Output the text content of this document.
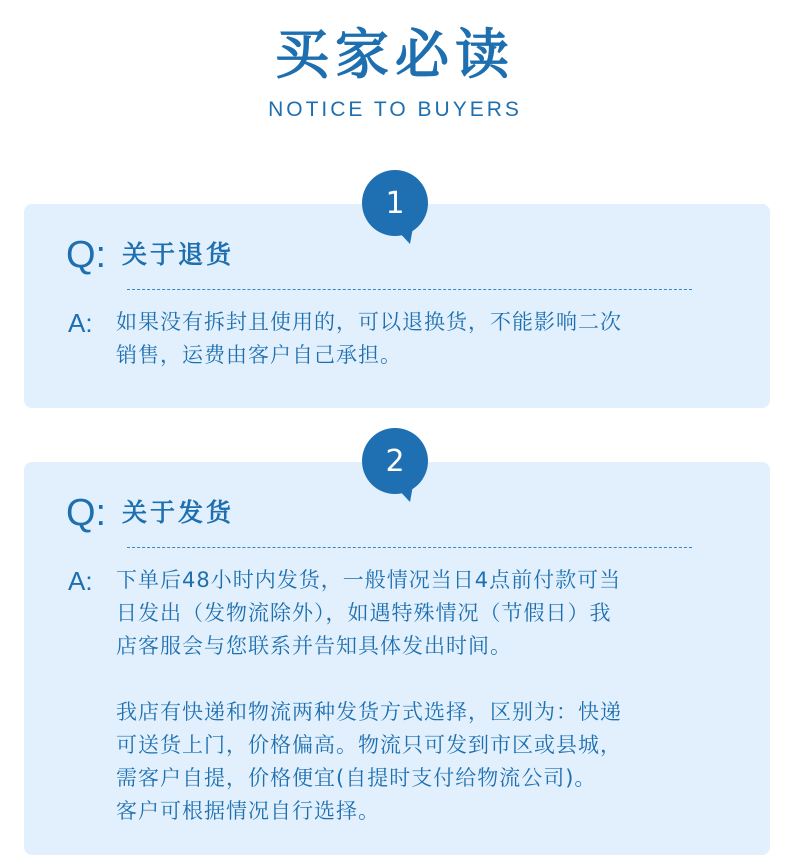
买家必读
NOTICE TO BUYERS
1
Q: 关于退货
A: 如果没有拆封且使用的，可以退换货，不能影响二次

销售，运费由客户自己承担。

2
Q: 关于发货
A: 下单后48小时内发货，一般情况当日4点前付款可当

日发出（发物流除外），如遇特殊情况（节假日）我

店客服会与您联系并告知具体发出时间。

我店有快递和物流两种发货方式选择，区别为：快递

可送货上门，价格偏高。物流只可发到市区或县城，

需客户自提，价格便宜(自提时支付给物流公司)。

客户可根据情况自行选择。
